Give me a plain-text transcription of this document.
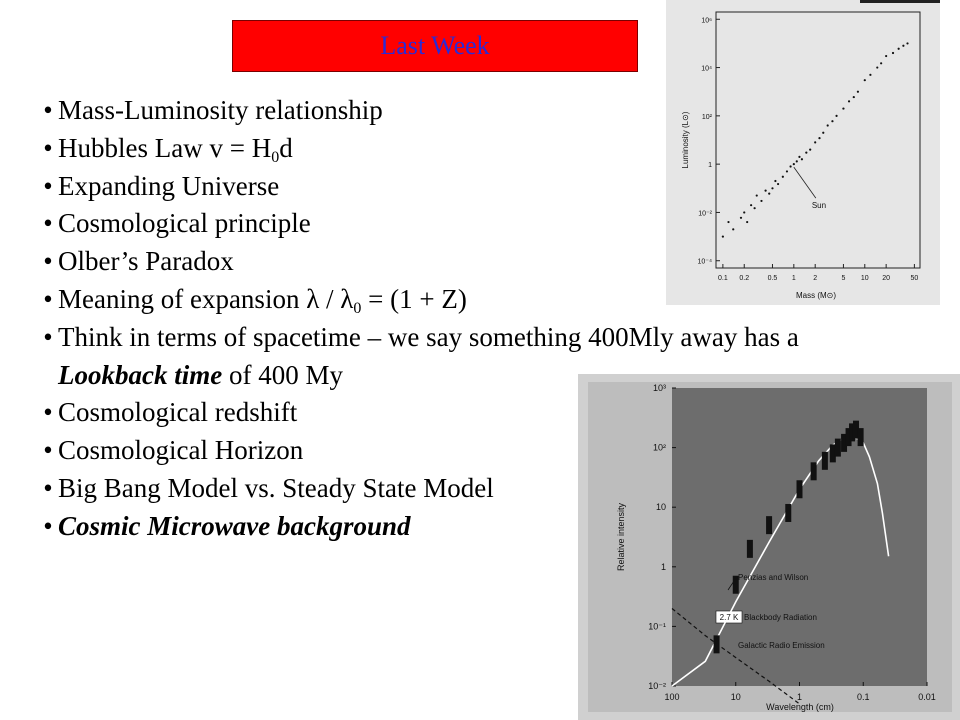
Last Week
• Mass-Luminosity relationship
• Hubbles Law $v = H_0d$
• Expanding Universe
• Cosmological principle
• Olber’s Paradox
• Meaning of expansion $\lambda / \lambda_0 = (1 + Z)$
• Think in terms of spacetime – we say something 400Mly away has a
Lookback time of 400 My
• Cosmological redshift
• Cosmological Horizon
• Big Bang Model vs. Steady State Model
• Cosmic Microwave background
0.1 0.2	0.5 1 2	5 10 20	50
10⁶
10⁴
10²
1
10⁻²
10⁻⁴
Sun
Mass (M⊙)
Luminosity (L⊙)
100	10	1	0.1	0.01
10³
10²
10
1
10⁻¹
10⁻²
Penzias and Wilson
2.7 K Blackbody Radiation
Galactic Radio Emission
Wavelength (cm)
Relative intensity
